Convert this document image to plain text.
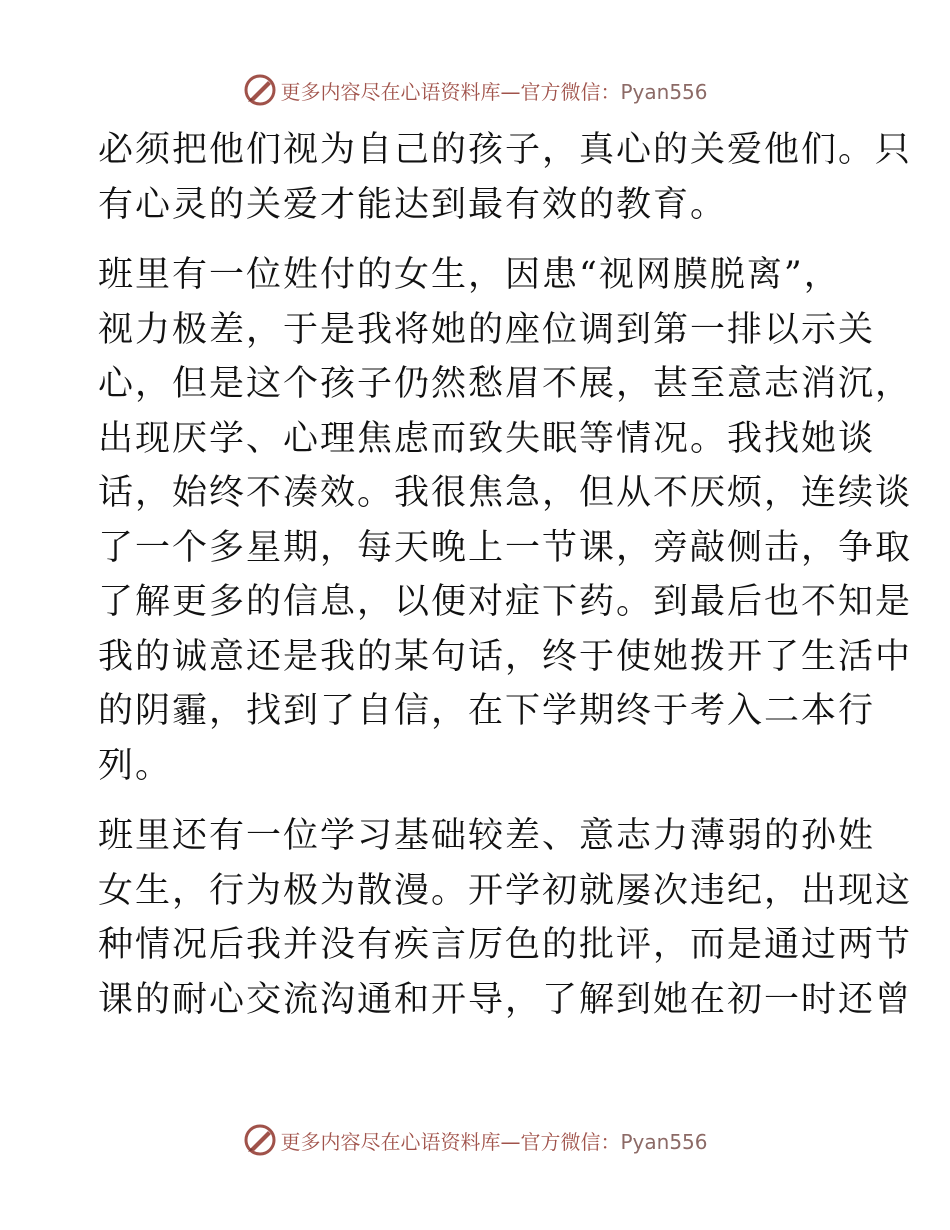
更多内容尽在心语资料库—官方微信：Pyan556

必须把他们视为自己的孩子，真心的关爱他们。只
有心灵的关爱才能达到最有效的教育。

班里有一位姓付的女生，因患“视网膜脱离”，
视力极差，于是我将她的座位调到第一排以示关
心，但是这个孩子仍然愁眉不展，甚至意志消沉，
出现厌学、心理焦虑而致失眠等情况。我找她谈
话，始终不凑效。我很焦急，但从不厌烦，连续谈
了一个多星期，每天晚上一节课，旁敲侧击，争取
了解更多的信息，以便对症下药。到最后也不知是
我的诚意还是我的某句话，终于使她拨开了生活中
的阴霾，找到了自信，在下学期终于考入二本行
列。

班里还有一位学习基础较差、意志力薄弱的孙姓
女生，行为极为散漫。开学初就屡次违纪，出现这
种情况后我并没有疾言厉色的批评，而是通过两节
课的耐心交流沟通和开导，了解到她在初一时还曾

更多内容尽在心语资料库—官方微信：Pyan556
